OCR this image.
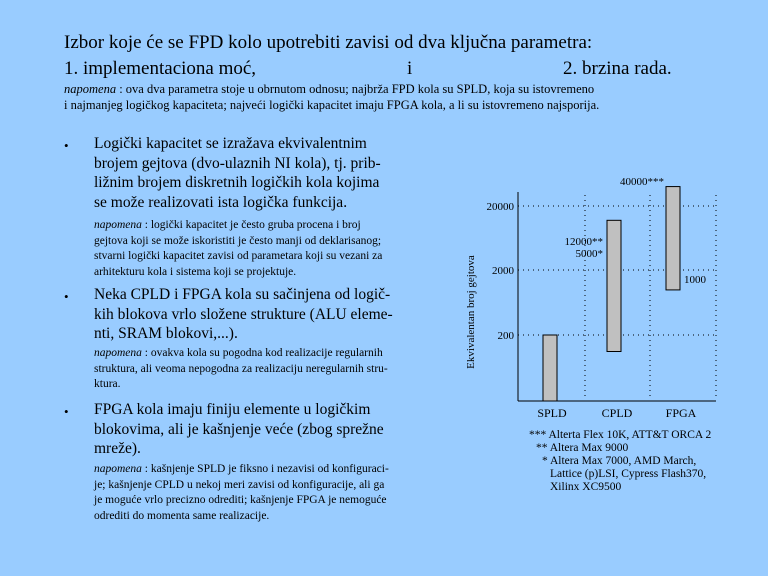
Izbor koje će se FPD kolo upotrebiti zavisi od dva ključna parametra:
1. implementaciona moć,	i	2. brzina rada.
napomena : ova dva parametra stoje u obrnutom odnosu; najbrža FPD kola su SPLD, koja su istovremeno
i najmanjeg logičkog kapaciteta; najveći logički kapacitet imaju FPGA kola, a li su istovremeno najsporija.
• Logički kapacitet se izražava ekvivalentnim
brojem gejtova (dvo-ulaznih NI kola), tj. prib-
ližnim brojem diskretnih logičkih kola kojima
se može realizovati ista logička funkcija.
napomena : logički kapacitet je često gruba procena i broj
gejtova koji se može iskoristiti je često manji od deklarisanog;
stvarni logički kapacitet zavisi od parametara koji su vezani za
arhitekturu kola i sistema koji se projektuje.
• Neka CPLD i FPGA kola su sačinjena od logič-
kih blokova vrlo složene strukture (ALU eleme-
nti, SRAM blokovi,...).
napomena : ovakva kola su pogodna kod realizacije regularnih
struktura, ali veoma nepogodna za realizaciju neregularnih stru-
ktura.
• FPGA kola imaju finiju elemente u logičkim
blokovima, ali je kašnjenje veće (zbog sprežne
mreže).
napomena : kašnjenje SPLD je fiksno i nezavisi od konfiguraci-
je; kašnjenje CPLD u nekoj meri zavisi od konfiguracije, ali ga
je moguće vrlo precizno odrediti; kašnjenje FPGA je nemoguće
odrediti do momenta same realizacije.
Ekvivalentan broj gejtova
20000
2000
200
SPLD	CPLD	FPGA
40000***
12000**
5000*
1000
*** Alterta Flex 10K, ATT&T ORCA 2
** Altera Max 9000
* Altera Max 7000, AMD March,
Lattice (p)LSI, Cypress Flash370,
Xilinx XC9500
